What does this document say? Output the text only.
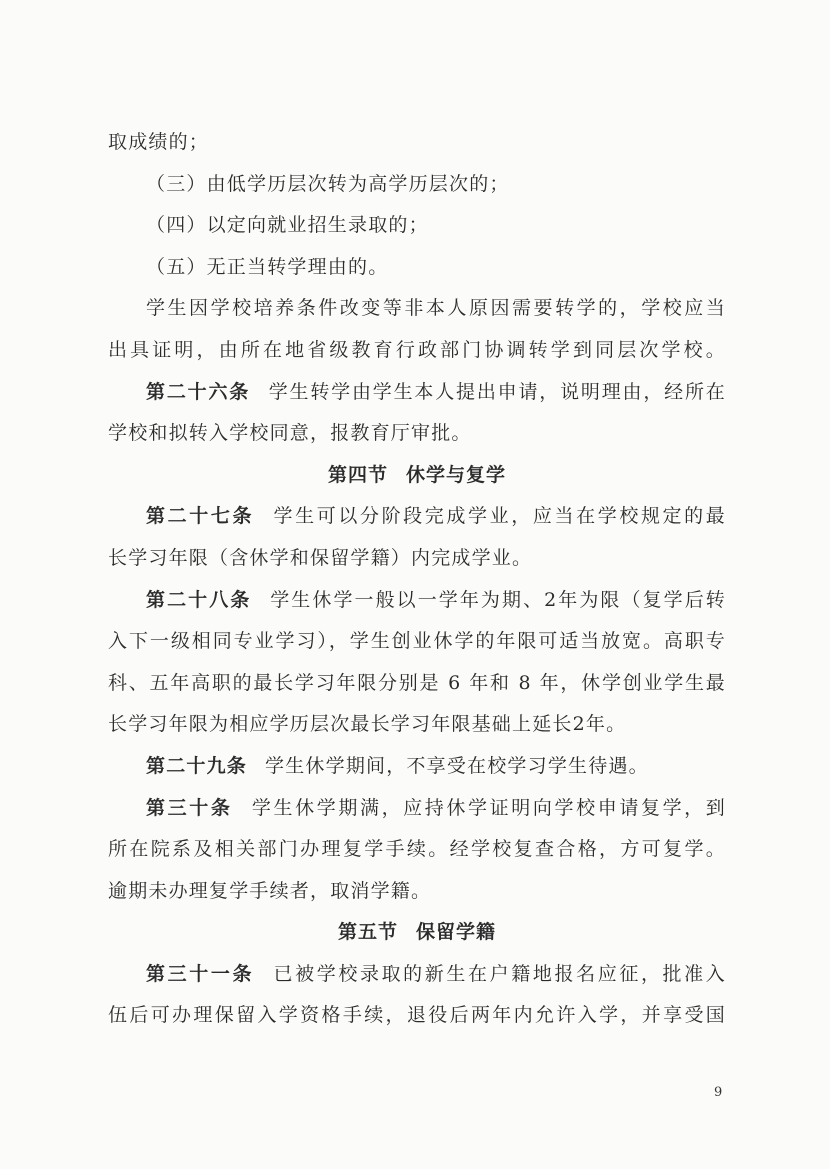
取成绩的；
（三）由低学历层次转为高学历层次的；
（四）以定向就业招生录取的；
（五）无正当转学理由的。
学生因学校培养条件改变等非本人原因需要转学的，学校应当
出具证明，由所在地省级教育行政部门协调转学到同层次学校。
第二十六条 学生转学由学生本人提出申请，说明理由，经所在
学校和拟转入学校同意，报教育厅审批。
第四节 休学与复学
第二十七条 学生可以分阶段完成学业，应当在学校规定的最
长学习年限（含休学和保留学籍）内完成学业。
第二十八条 学生休学一般以一学年为期、2年为限（复学后转
入下一级相同专业学习），学生创业休学的年限可适当放宽。高职专
科、五年高职的最长学习年限分别是 6 年和 8 年，休学创业学生最
长学习年限为相应学历层次最长学习年限基础上延长2年。
第二十九条 学生休学期间，不享受在校学习学生待遇。
第三十条 学生休学期满，应持休学证明向学校申请复学，到
所在院系及相关部门办理复学手续。经学校复查合格，方可复学。
逾期未办理复学手续者，取消学籍。
第五节 保留学籍
第三十一条 已被学校录取的新生在户籍地报名应征，批准入
伍后可办理保留入学资格手续，退役后两年内允许入学，并享受国
9
